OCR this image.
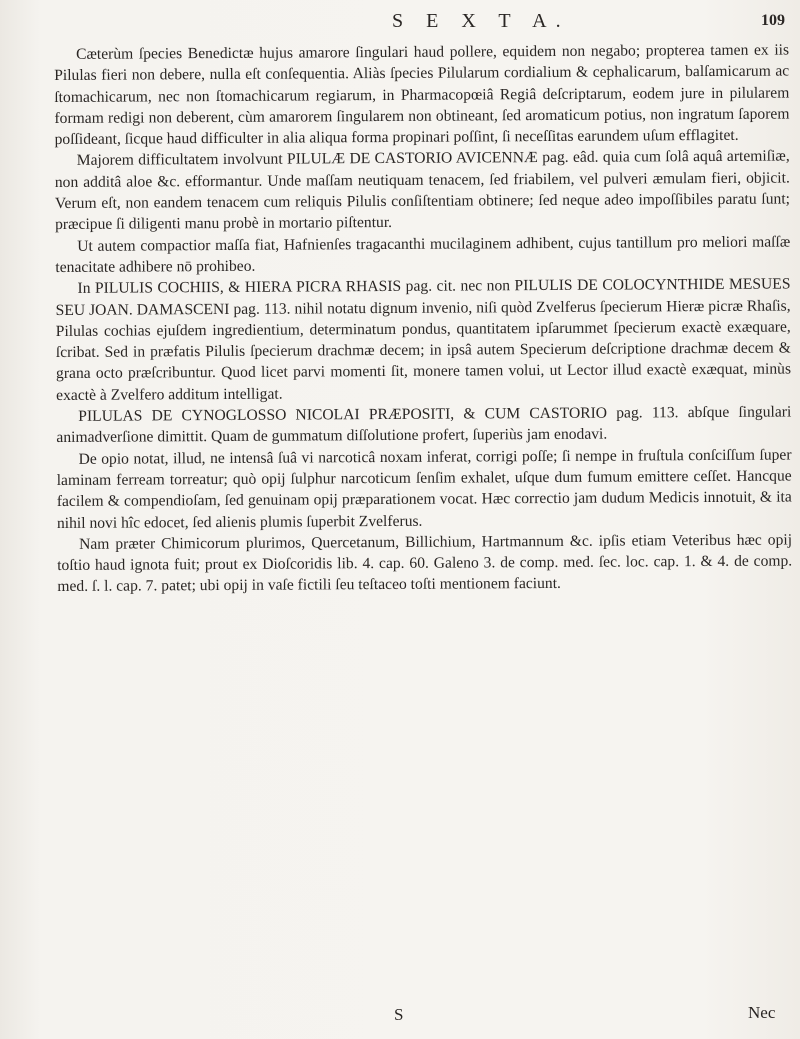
S E X T A.	109

Cæterùm ſpecies Benedictæ hujus amarore ſingulari haud pollere, equidem non negabo; propterea tamen ex iis Pilulas fieri non debere, nulla eſt conſequentia. Aliàs ſpecies Pilularum cordialium & cephalicarum, balſamicarum ac ſtomachicarum, nec non ſtomachicarum regiarum, in Pharmacopœiâ Regiâ deſcriptarum, eodem jure in pilularem formam redigi non deberent, cùm amarorem ſingularem non obtineant, ſed aromaticum potius, non ingratum ſaporem poſſideant, ſicque haud difficulter in alia aliqua forma propinari poſſint, ſi neceſſitas earundem uſum efflagitet.

Majorem difficultatem involvunt PILULÆ DE CASTORIO AVICENNÆ pag. eâd. quia cum ſolâ aquâ artemiſiæ, non additâ aloe &c. efformantur. Unde maſſam neutiquam tenacem, ſed friabilem, vel pulveri æmulam fieri, objicit. Verum eſt, non eandem tenacem cum reliquis Pilulis conſiſtentiam obtinere; ſed neque adeo impoſſibiles paratu ſunt; præcipue ſi diligenti manu probè in mortario piſtentur.

Ut autem compactior maſſa fiat, Hafnienſes tragacanthi mucilaginem adhibent, cujus tantillum pro meliori maſſæ tenacitate adhibere nō prohibeo.

In PILULIS COCHIIS, & HIERA PICRA RHASIS pag. cit. nec non PILULIS DE COLOCYNTHIDE MESUES SEU JOAN. DAMASCENI pag. 113. nihil notatu dignum invenio, niſi quòd Zvelferus ſpecierum Hieræ picræ Rhaſis, Pilulas cochias ejuſdem ingredientium, determinatum pondus, quantitatem ipſarummet ſpecierum exactè exæquare, ſcribat. Sed in præfatis Pilulis ſpecierum drachmæ decem; in ipsâ autem Specierum deſcriptione drachmæ decem & grana octo præſcribuntur. Quod licet parvi momenti ſit, monere tamen volui, ut Lector illud exactè exæquat, minùs exactè à Zvelfero additum intelligat.

PILULAS DE CYNOGLOSSO NICOLAI PRÆPOSITI, & CUM CASTORIO pag. 113. abſque ſingulari animadverſione dimittit. Quam de gummatum diſſolutione profert, ſuperiùs jam enodavi.

De opio notat, illud, ne intensâ ſuâ vi narcoticâ noxam inferat, corrigi poſſe; ſi nempe in fruſtula conſciſſum ſuper laminam ferream torreatur; quò opij ſulphur narcoticum ſenſim exhalet, uſque dum fumum emittere ceſſet. Hancque facilem & compendioſam, ſed genuinam opij præparationem vocat. Hæc correctio jam dudum Medicis innotuit, & ita nihil novi hîc edocet, ſed alienis plumis ſuperbit Zvelferus.

Nam præter Chimicorum plurimos, Quercetanum, Billichium, Hartmannum &c. ipſis etiam Veteribus hæc opij toſtio haud ignota fuit; prout ex Dioſcoridis lib. 4. cap. 60. Galeno 3. de comp. med. ſec. loc. cap. 1. & 4. de comp. med. ſ. l. cap. 7. patet; ubi opij in vaſe fictili ſeu teſtaceo toſti mentionem faciunt.

S	Nec
